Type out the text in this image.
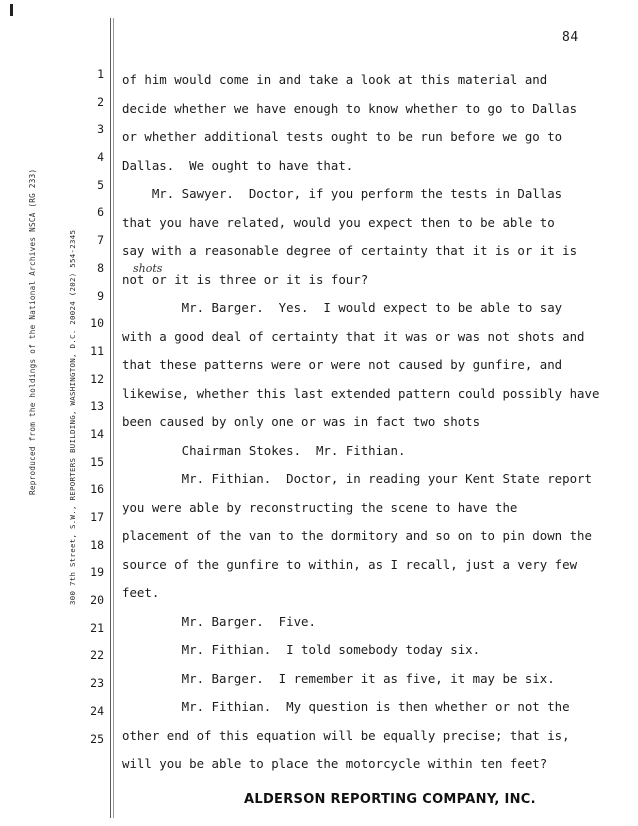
84
Reproduced from the holdings of the National Archives NSCA (RG 233)	300 7th Street, S.W., REPORTERS BUILDING, WASHINGTON, D.C. 20024 (202) 554-2345
1
2
3
4
5
6
7
8
9
10
11
12
13
14
15
16
17
18
19
20
21
22
23
24
25
of him would come in and take a look at this material and
decide whether we have enough to know whether to go to Dallas
or whether additional tests ought to be run before we go to
Dallas.  We ought to have that.
Mr. Sawyer.  Doctor, if you perform the tests in Dallas
that you have related, would you expect then to be able to
say with a reasonable degree of certainty that it is or it is
not or it is three or it is four?
Mr. Barger.  Yes.  I would expect to be able to say
with a good deal of certainty that it was or was not shots and
that these patterns were or were not caused by gunfire, and
likewise, whether this last extended pattern could possibly have
been caused by only one or was in fact two shots
Chairman Stokes.  Mr. Fithian.
Mr. Fithian.  Doctor, in reading your Kent State report
you were able by reconstructing the scene to have the
placement of the van to the dormitory and so on to pin down the
source of the gunfire to within, as I recall, just a very few
feet.
Mr. Barger.  Five.
Mr. Fithian.  I told somebody today six.
Mr. Barger.  I remember it as five, it may be six.
Mr. Fithian.  My question is then whether or not the
other end of this equation will be equally precise; that is,
will you be able to place the motorcycle within ten feet?
shots
ALDERSON REPORTING COMPANY, INC.
